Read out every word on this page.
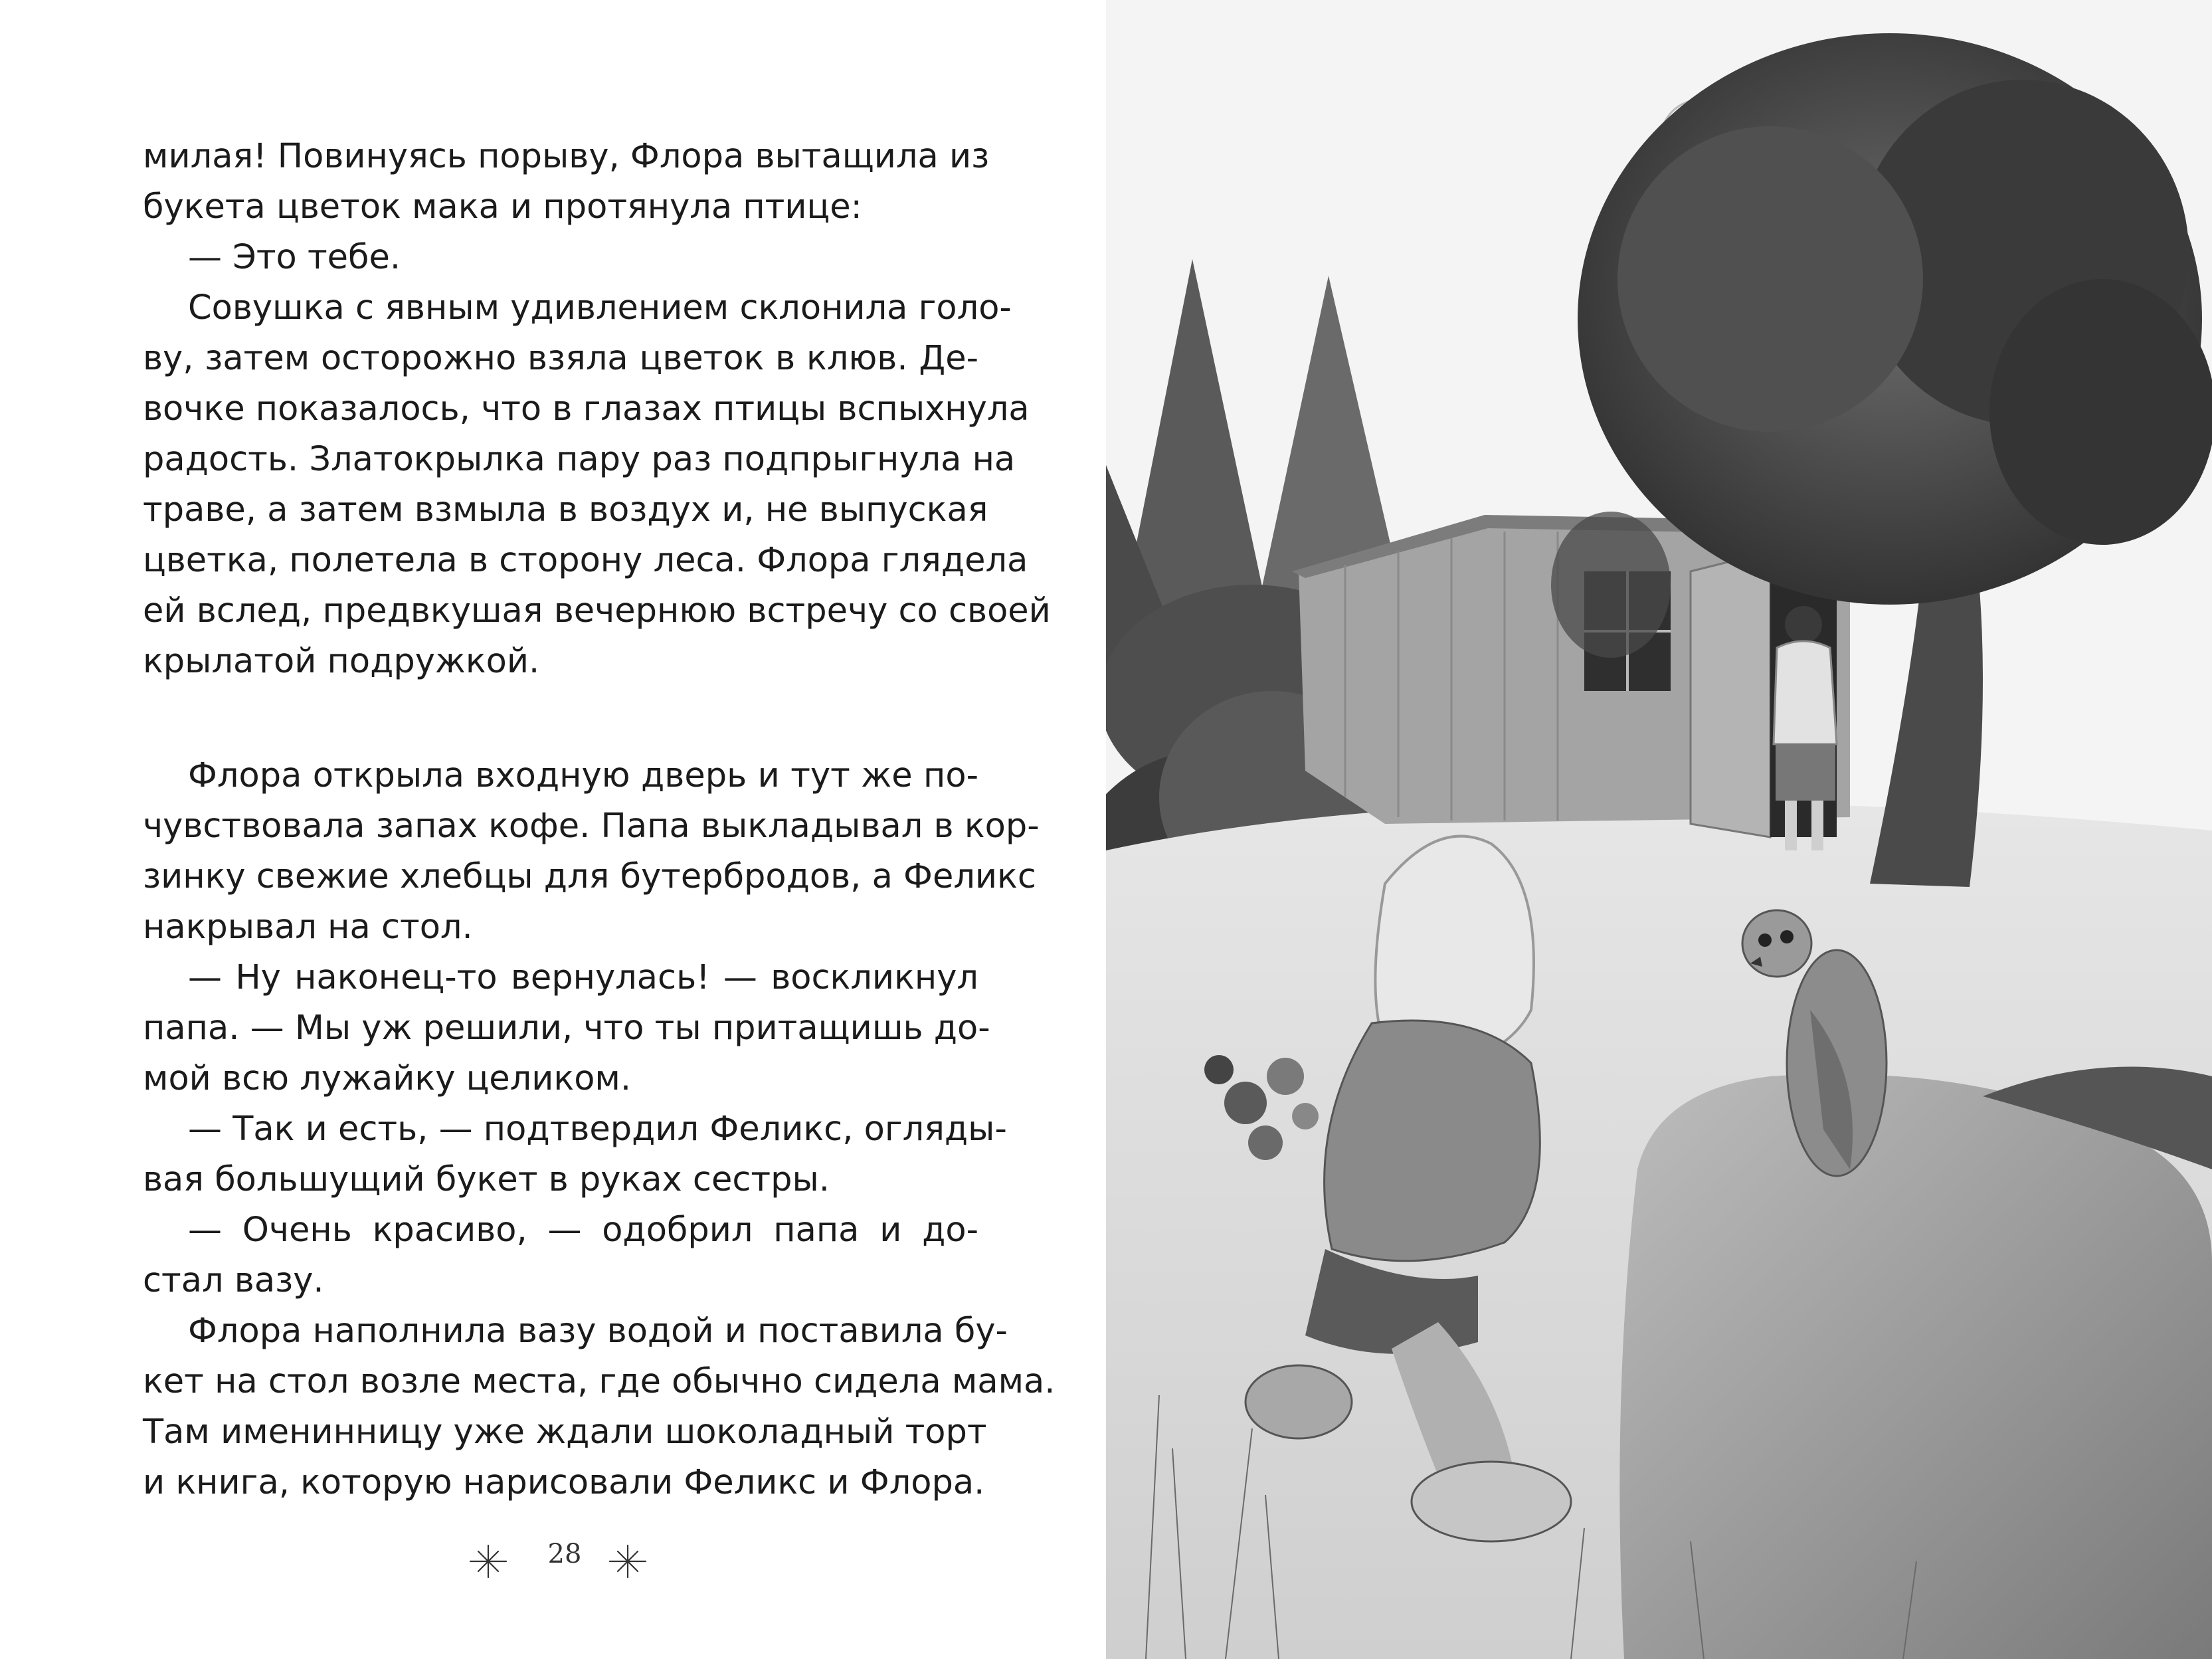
милая! Повинуясь порыву, Флора вытащила из
букета цветок мака и протянула птице:
— Это тебе.
Совушка с явным удивлением склонила голо-
ву, затем осторожно взяла цветок в клюв. Де-
вочке показалось, что в глазах птицы вспыхнула
радость. Златокрылка пару раз подпрыгнула на
траве, а затем взмыла в воздух и, не выпуская
цветка, полетела в сторону леса. Флора глядела
ей вслед, предвкушая вечернюю встречу со своей
крылатой подружкой.
Флора открыла входную дверь и тут же по-
чувствовала запах кофе. Папа выкладывал в кор-
зинку свежие хлебцы для бутербродов, а Феликс
накрывал на стол.
— Ну наконец-то вернулась! — воскликнул
папа. — Мы уж решили, что ты притащишь до-
мой всю лужайку целиком.
— Так и есть, — подтвердил Феликс, огляды-
вая большущий букет в руках сестры.
— Очень красиво, — одобрил папа и до-
стал вазу.
Флора наполнила вазу водой и поставила бу-
кет на стол возле места, где обычно сидела мама.
Там именинницу уже ждали шоколадный торт
и книга, которую нарисовали Феликс и Флора.
28
